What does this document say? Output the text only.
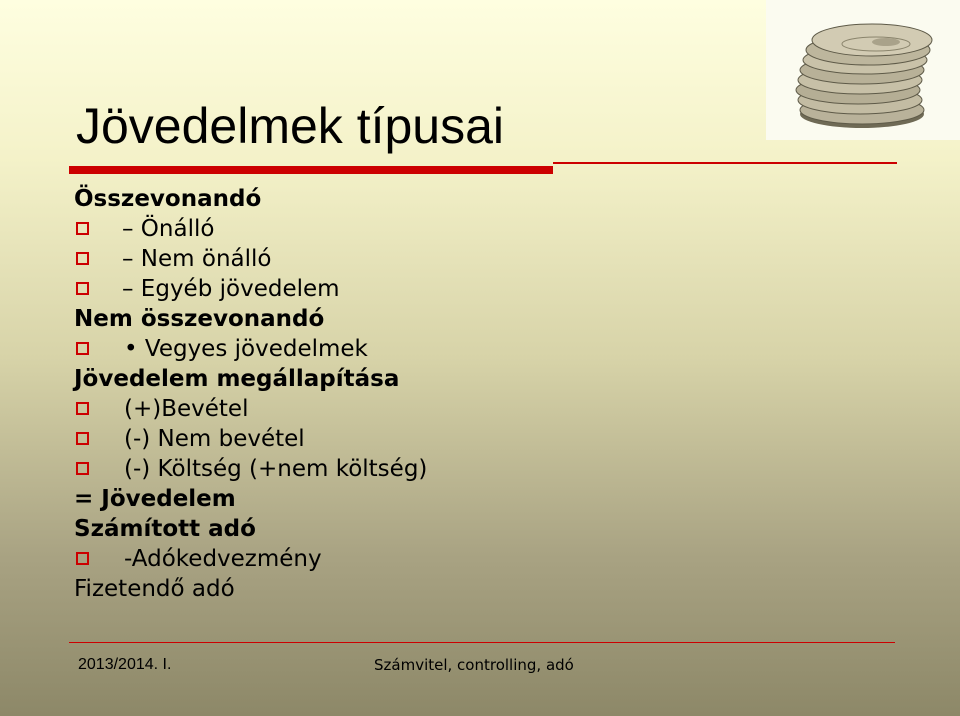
Jövedelmek típusai
Összevonandó
– Önálló
– Nem önálló
– Egyéb jövedelem
Nem összevonandó
• Vegyes jövedelmek
Jövedelem megállapítása
(+)Bevétel
(-) Nem bevétel
(-) Költség (+nem költség)
= Jövedelem
Számított adó
-Adókedvezmény
Fizetendő adó
2013/2014. I.	Számvitel, controlling, adó
